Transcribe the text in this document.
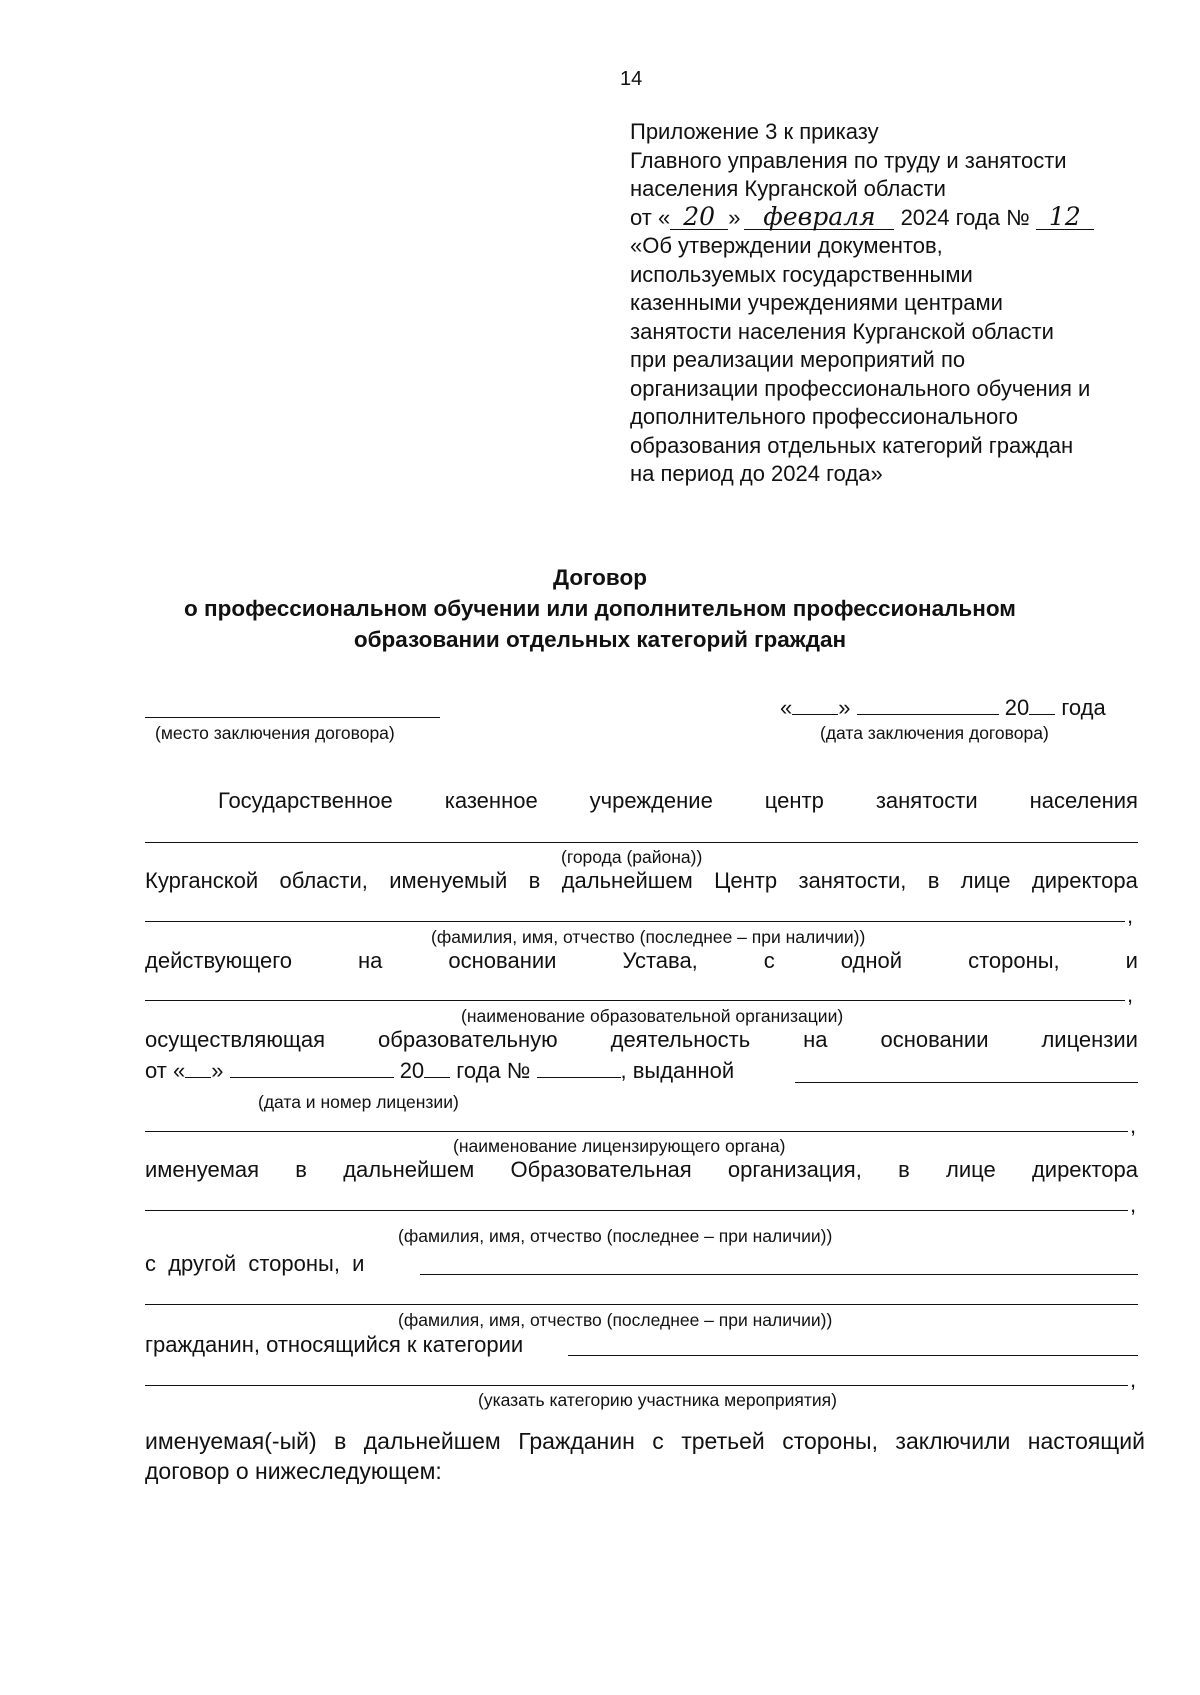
14
Приложение 3 к приказу
Главного управления по труду и занятости
населения Курганской области
от « 20 » февраля 2024 года № 12
«Об утверждении документов,
используемых государственными
казенными учреждениями центрами
занятости населения Курганской области
при реализации мероприятий по
организации профессионального обучения и
дополнительного профессионального
образования отдельных категорий граждан
на период до 2024 года»
Договор
о профессиональном обучении или дополнительном профессиональном
образовании отдельных категорий граждан
(место заключения договора)
« »	20 года
(дата заключения договора)
Государственное казенное учреждение центр занятости населения
(города (района))
Курганской области, именуемый в дальнейшем Центр занятости, в лице директора
,
(фамилия, имя, отчество (последнее – при наличии))
действующего	на	основании	Устава,	с	одной	стороны,	и
,
(наименование образовательной организации)
осуществляющая образовательную деятельность на основании лицензии
от « »	20 года №	, выданной
(дата и номер лицензии)
,
(наименование лицензирующего органа)
именуемая в дальнейшем Образовательная организация, в лице директора
,
(фамилия, имя, отчество (последнее – при наличии))
с  другой  стороны,  и
(фамилия, имя, отчество (последнее – при наличии))
гражданин, относящийся к категории
,
(указать категорию участника мероприятия)
именуемая(-ый) в дальнейшем Гражданин с третьей стороны, заключили настоящий
договор о нижеследующем:
